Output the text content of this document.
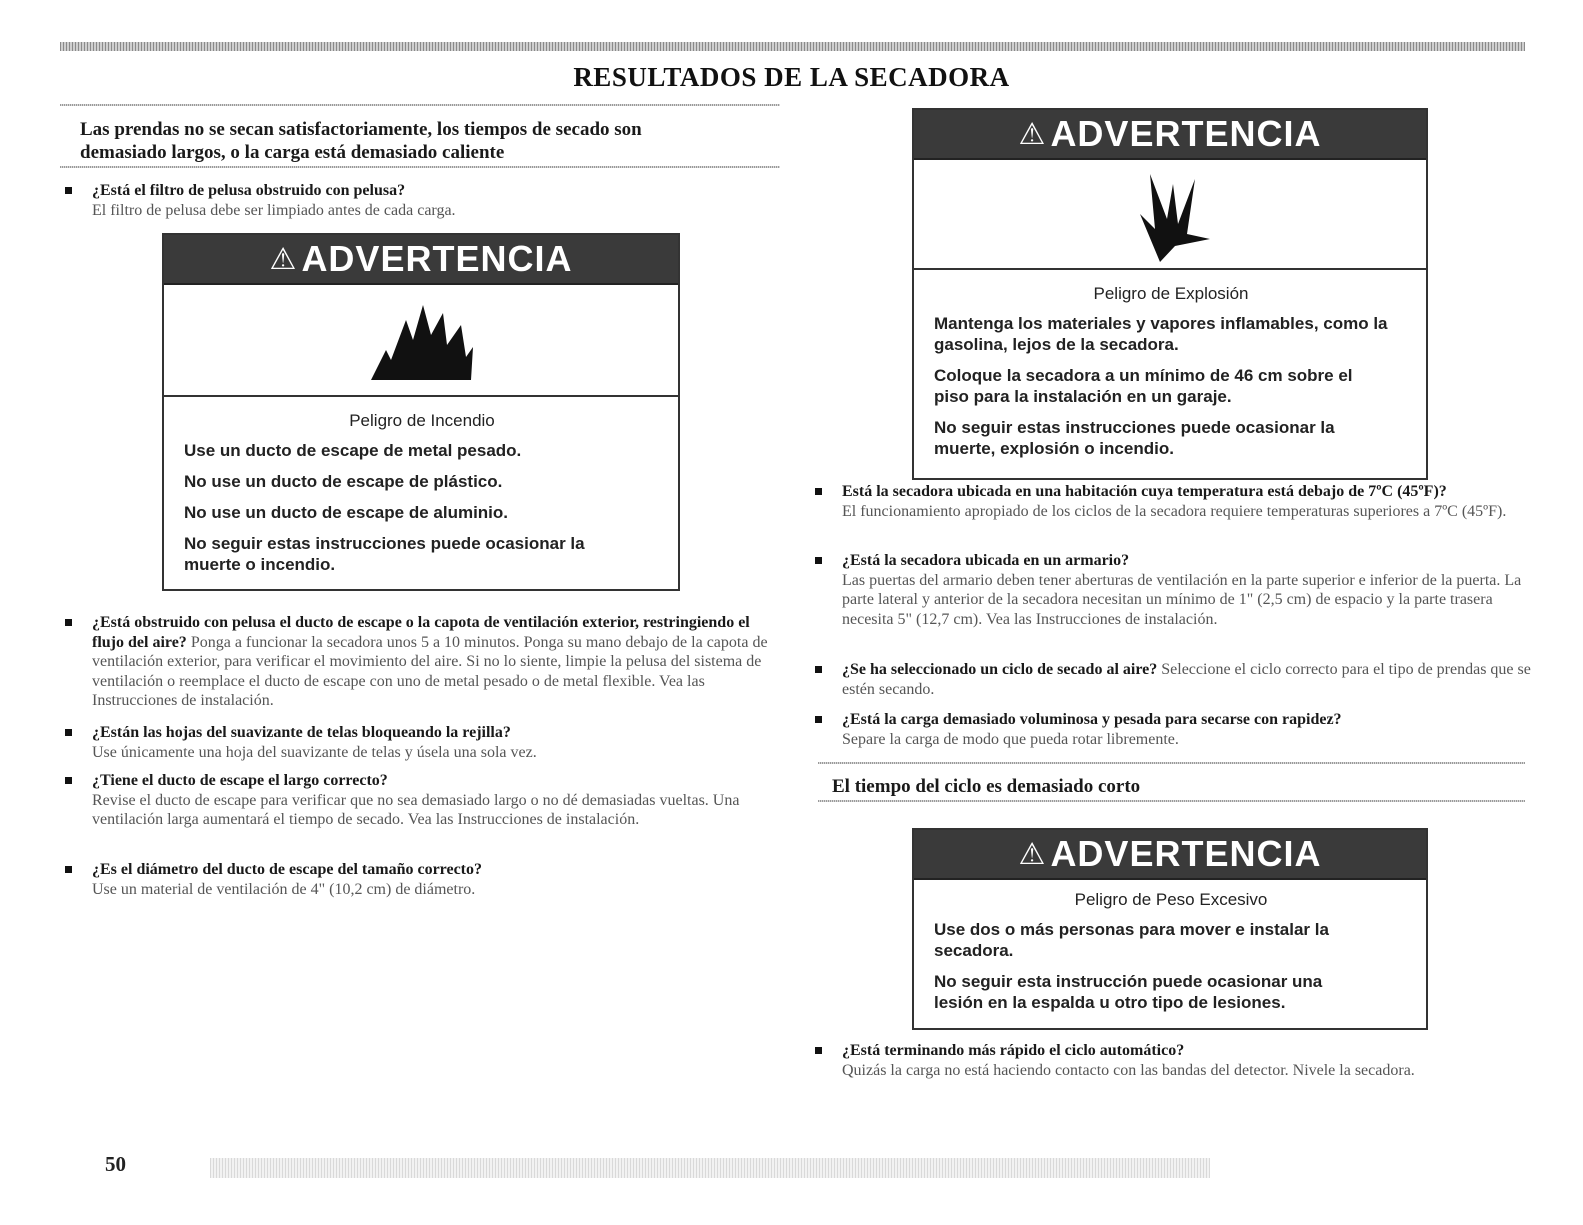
RESULTADOS DE LA SECADORA
Las prendas no se secan satisfactoriamente, los tiempos de secado son
demasiado largos, o la carga está demasiado caliente
¿Está el filtro de pelusa obstruido con pelusa?
El filtro de pelusa debe ser limpiado antes de cada carga.
⚠ ADVERTENCIA
Peligro de Incendio
Use un ducto de escape de metal pesado.
No use un ducto de escape de plástico.
No use un ducto de escape de aluminio.
No seguir estas instrucciones puede ocasionar la muerte o incendio.
¿Está obstruido con pelusa el ducto de escape o la capota de ventilación exterior, restringiendo el flujo del aire? Ponga a funcionar la secadora unos 5 a 10 minutos. Ponga su mano debajo de la capota de ventilación exterior, para verificar el movimiento del aire. Si no lo siente, limpie la pelusa del sistema de ventilación o reemplace el ducto de escape con uno de metal pesado o de metal flexible. Vea las Instrucciones de instalación.
¿Están las hojas del suavizante de telas bloqueando la rejilla?
Use únicamente una hoja del suavizante de telas y úsela una sola vez.
¿Tiene el ducto de escape el largo correcto?
Revise el ducto de escape para verificar que no sea demasiado largo o no dé demasiadas vueltas. Una ventilación larga aumentará el tiempo de secado. Vea las Instrucciones de instalación.
¿Es el diámetro del ducto de escape del tamaño correcto?
Use un material de ventilación de 4" (10,2 cm) de diámetro.
⚠ ADVERTENCIA
Peligro de Explosión
Mantenga los materiales y vapores inflamables, como la gasolina, lejos de la secadora.
Coloque la secadora a un mínimo de 46 cm sobre el piso para la instalación en un garaje.
No seguir estas instrucciones puede ocasionar la muerte, explosión o incendio.
Está la secadora ubicada en una habitación cuya temperatura está debajo de 7ºC (45ºF)?
El funcionamiento apropiado de los ciclos de la secadora requiere temperaturas superiores a 7ºC (45ºF).
¿Está la secadora ubicada en un armario?
Las puertas del armario deben tener aberturas de ventilación en la parte superior e inferior de la puerta. La parte lateral y anterior de la secadora necesitan un mínimo de 1" (2,5 cm) de espacio y la parte trasera necesita 5" (12,7 cm). Vea las Instrucciones de instalación.
¿Se ha seleccionado un ciclo de secado al aire? Seleccione el ciclo correcto para el tipo de prendas que se estén secando.
¿Está la carga demasiado voluminosa y pesada para secarse con rapidez?
Separe la carga de modo que pueda rotar libremente.
El tiempo del ciclo es demasiado corto
⚠ ADVERTENCIA
Peligro de Peso Excesivo
Use dos o más personas para mover e instalar la secadora.
No seguir esta instrucción puede ocasionar una lesión en la espalda u otro tipo de lesiones.
¿Está terminando más rápido el ciclo automático?
Quizás la carga no está haciendo contacto con las bandas del detector. Nivele la secadora.
50
